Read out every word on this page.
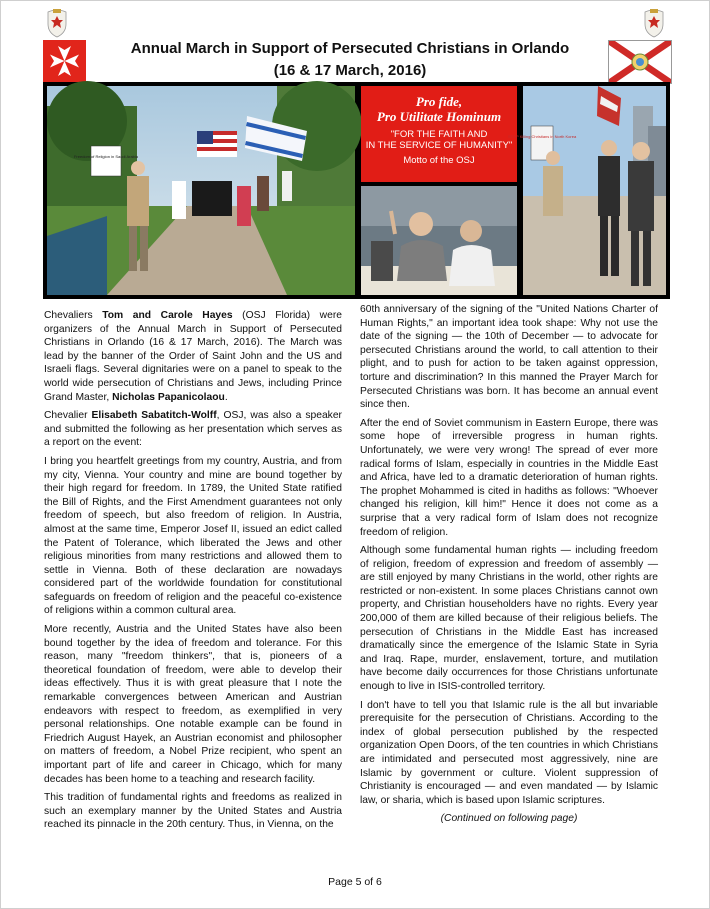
Annual March in Support of Persecuted Christians in Orlando
(16 & 17 March, 2016)
Freedom of Religion in Saudi Arabia
Pro fide,
Pro Utilitate Hominum
"FOR THE FAITH AND
IN THE SERVICE OF HUMANITY"
Motto of the OSJ
STOP Killing Christians in North Korea

Chevaliers Tom and Carole Hayes (OSJ Florida) were organizers of the Annual March in Support of Persecuted Christians in Orlando (16 & 17 March, 2016). The March was lead by the banner of the Order of Saint John and the US and Israeli flags. Several dignitaries were on a panel to speak to the world wide persecution of Christians and Jews, including Prince Grand Master, Nicholas Papanicolaou.

Chevalier Elisabeth Sabatitch-Wolff, OSJ, was also a speaker and submitted the following as her presentation which serves as a report on the event:

I bring you heartfelt greetings from my country, Austria, and from my city, Vienna. Your country and mine are bound together by their high regard for freedom. In 1789, the United State ratified the Bill of Rights, and the First Amendment guarantees not only freedom of speech, but also freedom of religion. In Austria, almost at the same time, Emperor Josef II, issued an edict called the Patent of Tolerance, which liberated the Jews and other religious minorities from many restrictions and allowed them to settle in Vienna. Both of these declaration are nowadays considered part of the worldwide foundation for constitutional safeguards on freedom of religion and the peaceful co-existence of religions within a common cultural area.

More recently, Austria and the United States have also been bound together by the idea of freedom and tolerance. For this reason, many "freedom thinkers", that is, pioneers of a theoretical foundation of freedom, were able to develop their ideas effectively. Thus it is with great pleasure that I note the remarkable convergences between American and Austrian endeavors with respect to freedom, as exemplified in very personal relationships. One notable example can be found in Friedrich August Hayek, an Austrian economist and philosopher on matters of freedom, a Nobel Prize recipient, who spent an important part of life and career in Chicago, which for many decades has been home to a teaching and research facility.

This tradition of fundamental rights and freedoms as realized in such an exemplary manner by the United States and Austria reached its pinnacle in the 20th century. Thus, in Vienna, on the

60th anniversary of the signing of the "United Nations Charter of Human Rights," an important idea took shape: Why not use the date of the signing — the 10th of December — to advocate for persecuted Christians around the world, to call attention to their plight, and to push for action to be taken against oppression, torture and discrimination? In this manned the Prayer March for Persecuted Christians was born. It has become an annual event since then.

After the end of Soviet communism in Eastern Europe, there was some hope of irreversible progress in human rights. Unfortunately, we were very wrong! The spread of ever more radical forms of Islam, especially in countries in the Middle East and Africa, have led to a dramatic deterioration of human rights. The prophet Mohammed is cited in hadiths as follows: "Whoever changed his religion, kill him!" Hence it does not come as a surprise that a very radical form of Islam does not recognize freedom of religion.

Although some fundamental human rights — including freedom of religion, freedom of expression and freedom of assembly — are still enjoyed by many Christians in the world, other rights are restricted or non-existent. In some places Christians cannot own property, and Christian householders have no rights. Every year 200,000 of them are killed because of their religious beliefs. The persecution of Christians in the Middle East has increased dramatically since the emergence of the Islamic State in Syria and Iraq. Rape, murder, enslavement, torture, and mutilation have become daily occurrences for those Christians unfortunate enough to live in ISIS-controlled territory.

I don't have to tell you that Islamic rule is the all but invariable prerequisite for the persecution of Christians. According to the index of global persecution published by the respected organization Open Doors, of the ten countries in which Christians are intimidated and persecuted most aggressively, nine are Islamic by government or culture. Violent suppression of Christianity is encouraged — and even mandated — by Islamic law, or sharia, which is based upon Islamic scriptures.

(Continued on following page)

Page 5 of 6
